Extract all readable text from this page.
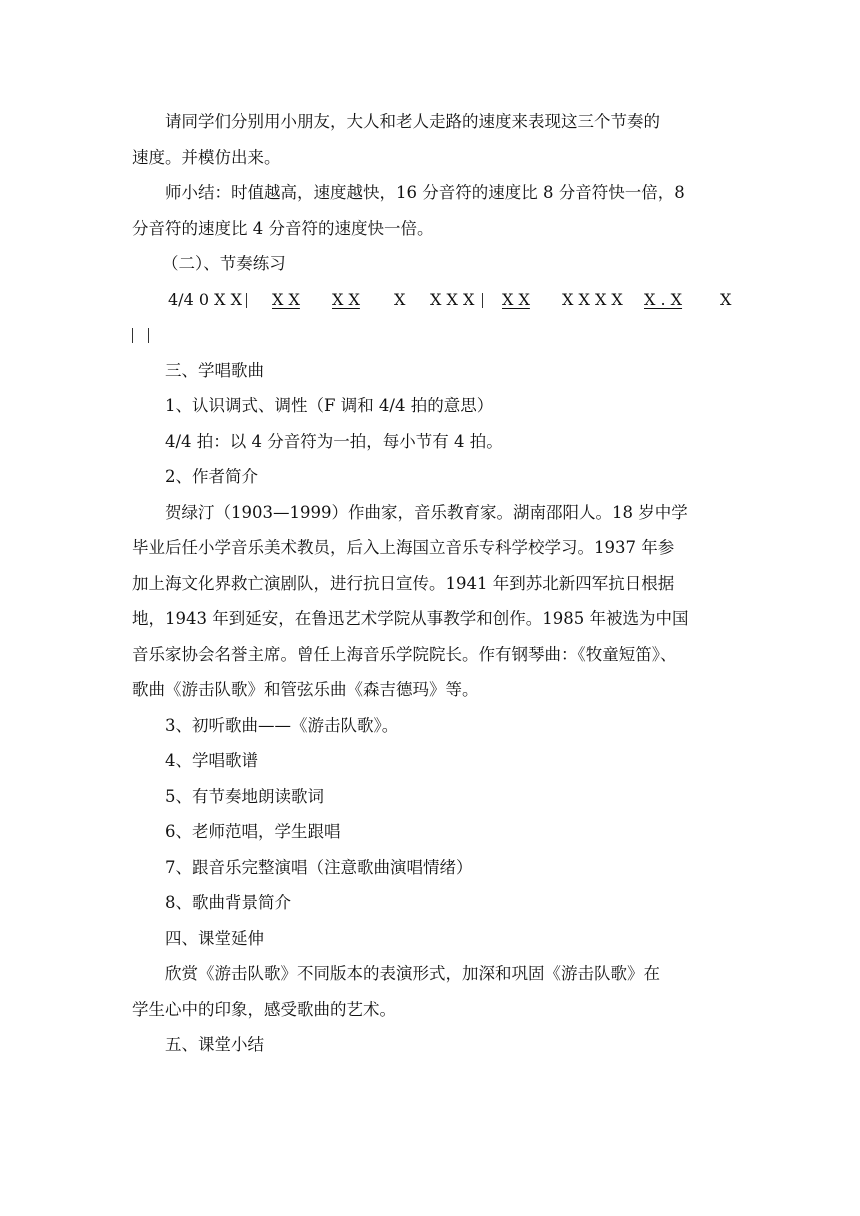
请同学们分别用小朋友，大人和老人走路的速度来表现这三个节奏的

速度。并模仿出来。

师小结：时值越高，速度越快，16 分音符的速度比 8 分音符快一倍，8

分音符的速度比 4 分音符的速度快一倍。

（二）、节奏练习

4/4 0 X X X X X X X X X X X X X X X X X . X X

三、学唱歌曲

1、认识调式、调性（F 调和 4/4 拍的意思）

4/4 拍：以 4 分音符为一拍，每小节有 4 拍。

2、作者简介

贺绿汀（1903—1999）作曲家，音乐教育家。湖南邵阳人。18 岁中学

毕业后任小学音乐美术教员，后入上海国立音乐专科学校学习。1937 年参

加上海文化界救亡演剧队，进行抗日宣传。1941 年到苏北新四军抗日根据

地，1943 年到延安，在鲁迅艺术学院从事教学和创作。1985 年被选为中国

音乐家协会名誉主席。曾任上海音乐学院院长。作有钢琴曲：《牧童短笛》、

歌曲《游击队歌》和管弦乐曲《森吉德玛》等。

3、初听歌曲——《游击队歌》。

4、学唱歌谱

5、有节奏地朗读歌词

6、老师范唱，学生跟唱

7、跟音乐完整演唱（注意歌曲演唱情绪）

8、歌曲背景简介

四、课堂延伸

欣赏《游击队歌》不同版本的表演形式，加深和巩固《游击队歌》在

学生心中的印象，感受歌曲的艺术。

五、课堂小结
